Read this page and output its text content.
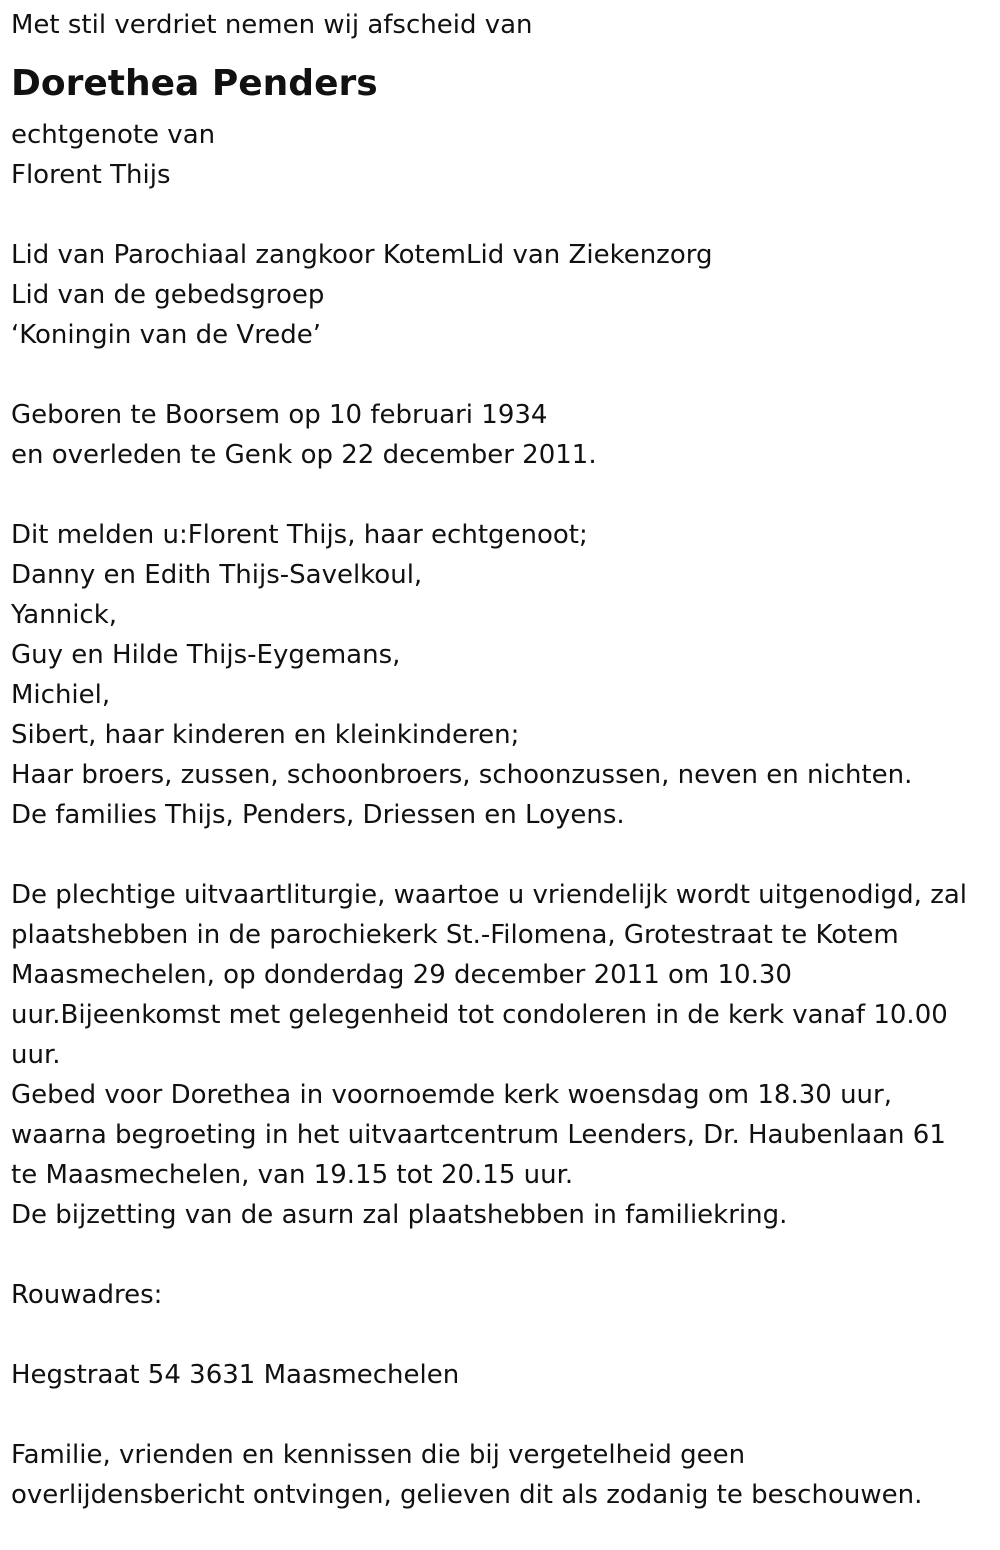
Met stil verdriet nemen wij afscheid van
Dorethea Penders
echtgenote van
Florent Thijs
Lid van Parochiaal zangkoor KotemLid van Ziekenzorg
Lid van de gebedsgroep
‘Koningin van de Vrede’
Geboren te Boorsem op 10 februari 1934
en overleden te Genk op 22 december 2011.
Dit melden u:Florent Thijs, haar echtgenoot;
Danny en Edith Thijs-Savelkoul,
Yannick,
Guy en Hilde Thijs-Eygemans,
Michiel,
Sibert, haar kinderen en kleinkinderen;
Haar broers, zussen, schoonbroers, schoonzussen, neven en nichten.
De families Thijs, Penders, Driessen en Loyens.
De plechtige uitvaartliturgie, waartoe u vriendelijk wordt uitgenodigd, zal
plaatshebben in de parochiekerk St.-Filomena, Grotestraat te Kotem
Maasmechelen, op donderdag 29 december 2011 om 10.30
uur.Bijeenkomst met gelegenheid tot condoleren in de kerk vanaf 10.00
uur.
Gebed voor Dorethea in voornoemde kerk woensdag om 18.30 uur,
waarna begroeting in het uitvaartcentrum Leenders, Dr. Haubenlaan 61
te Maasmechelen, van 19.15 tot 20.15 uur.
De bijzetting van de asurn zal plaatshebben in familiekring.
Rouwadres:
Hegstraat 54 3631 Maasmechelen
Familie, vrienden en kennissen die bij vergetelheid geen
overlijdensbericht ontvingen, gelieven dit als zodanig te beschouwen.
